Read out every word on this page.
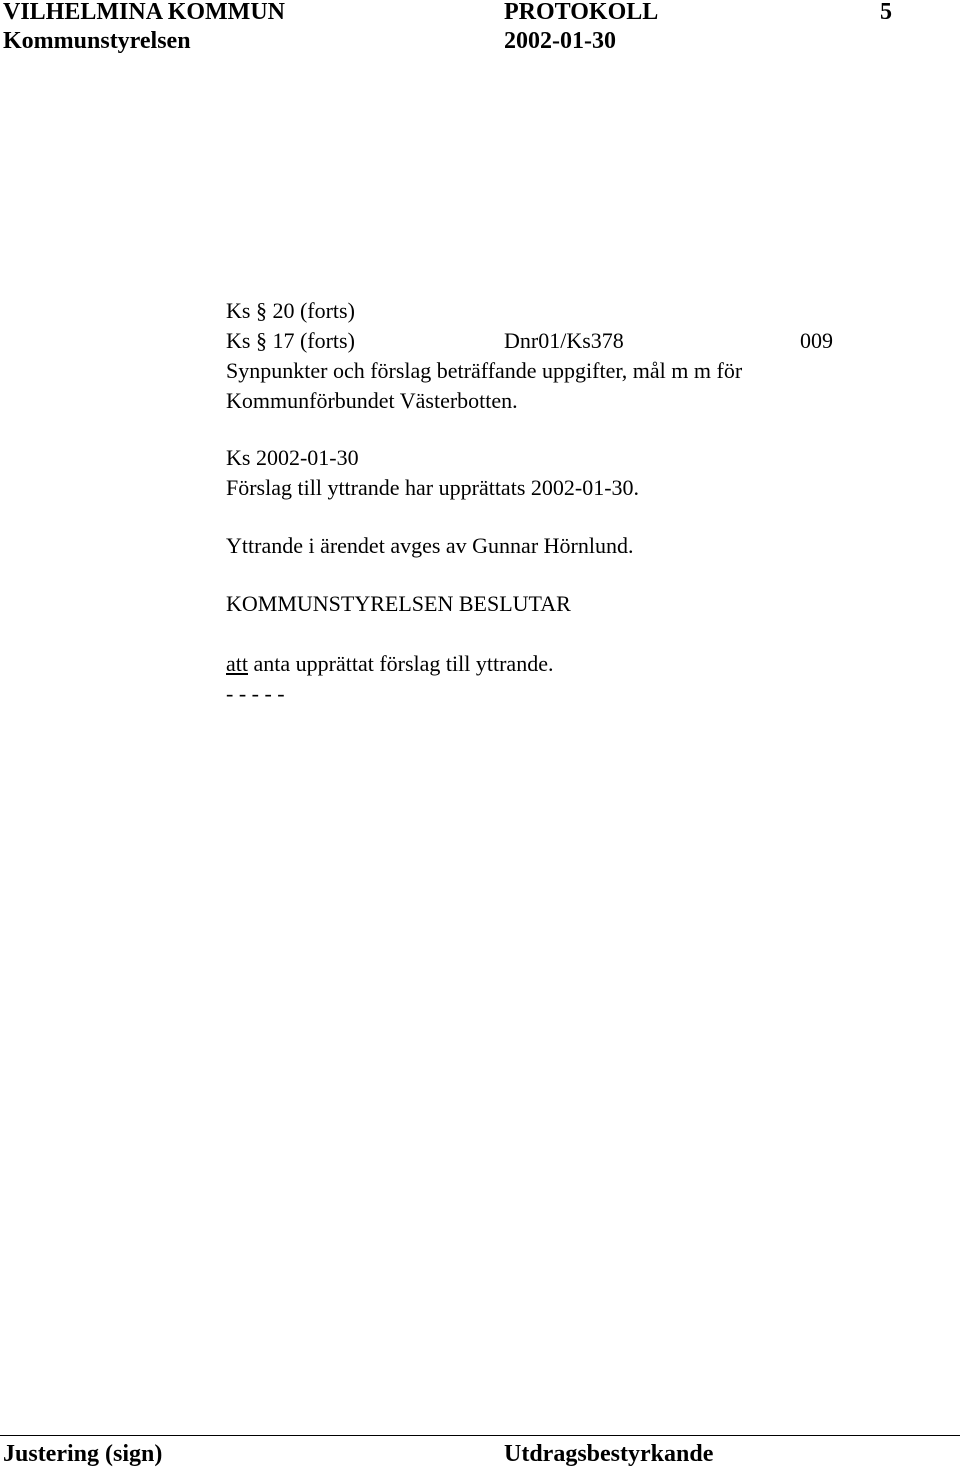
VILHELMINA KOMMUN	PROTOKOLL	5
Kommunstyrelsen	2002-01-30
Ks § 20 (forts)
Ks § 17 (forts)	Dnr01/Ks378	009
Synpunkter och förslag beträffande uppgifter, mål m m för
Kommunförbundet Västerbotten.
Ks 2002-01-30
Förslag till yttrande har upprättats 2002-01-30.
Yttrande i ärendet avges av Gunnar Hörnlund.
KOMMUNSTYRELSEN BESLUTAR
att anta upprättat förslag till yttrande.
- - - - -
Justering (sign)	Utdragsbestyrkande
